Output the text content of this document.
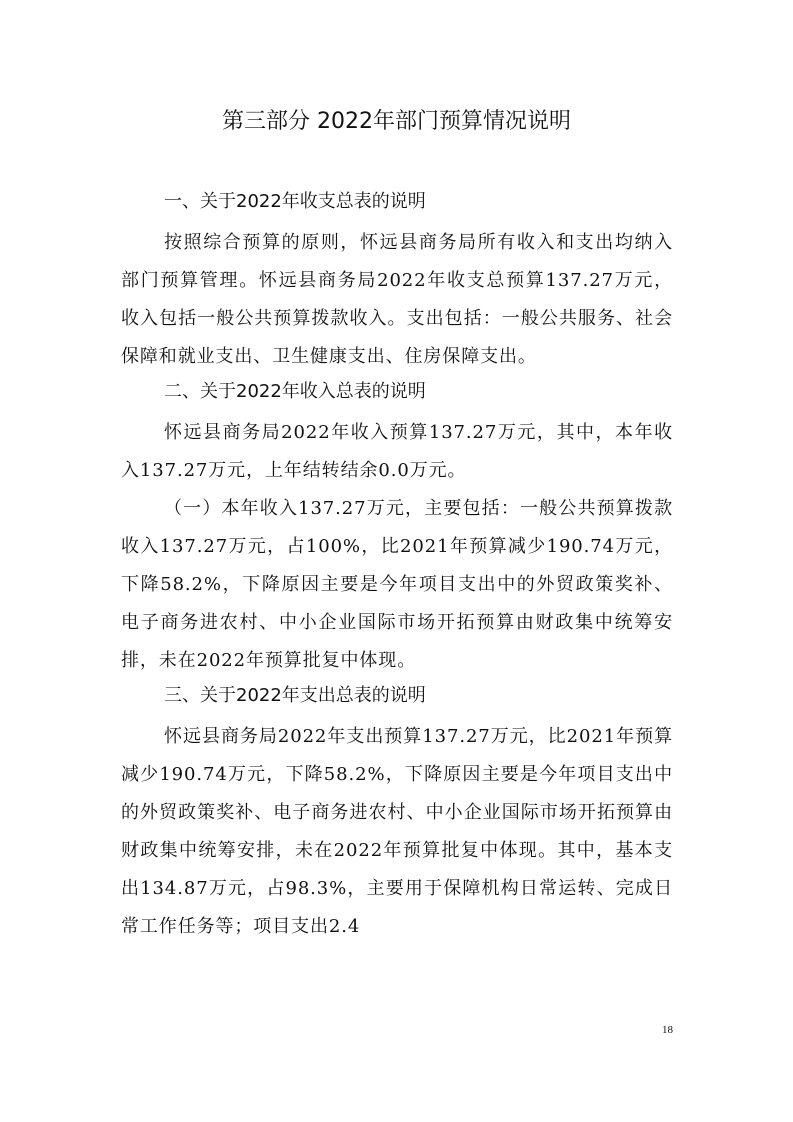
第三部分 2022年部门预算情况说明
一、关于2022年收支总表的说明

按照综合预算的原则，怀远县商务局所有收入和支出均纳入部门预算管理。怀远县商务局2022年收支总预算137.27万元，收入包括一般公共预算拨款收入。支出包括：一般公共服务、社会保障和就业支出、卫生健康支出、住房保障支出。

二、关于2022年收入总表的说明

怀远县商务局2022年收入预算137.27万元，其中，本年收入137.27万元，上年结转结余0.0万元。

（一）本年收入137.27万元，主要包括：一般公共预算拨款收入137.27万元，占100%，比2021年预算减少190.74万元，下降58.2%，下降原因主要是今年项目支出中的外贸政策奖补、电子商务进农村、中小企业国际市场开拓预算由财政集中统筹安排，未在2022年预算批复中体现。

三、关于2022年支出总表的说明

怀远县商务局2022年支出预算137.27万元，比2021年预算减少190.74万元，下降58.2%，下降原因主要是今年项目支出中的外贸政策奖补、电子商务进农村、中小企业国际市场开拓预算由财政集中统筹安排，未在2022年预算批复中体现。其中，基本支出134.87万元，占98.3%，主要用于保障机构日常运转、完成日常工作任务等；项目支出2.4

18
